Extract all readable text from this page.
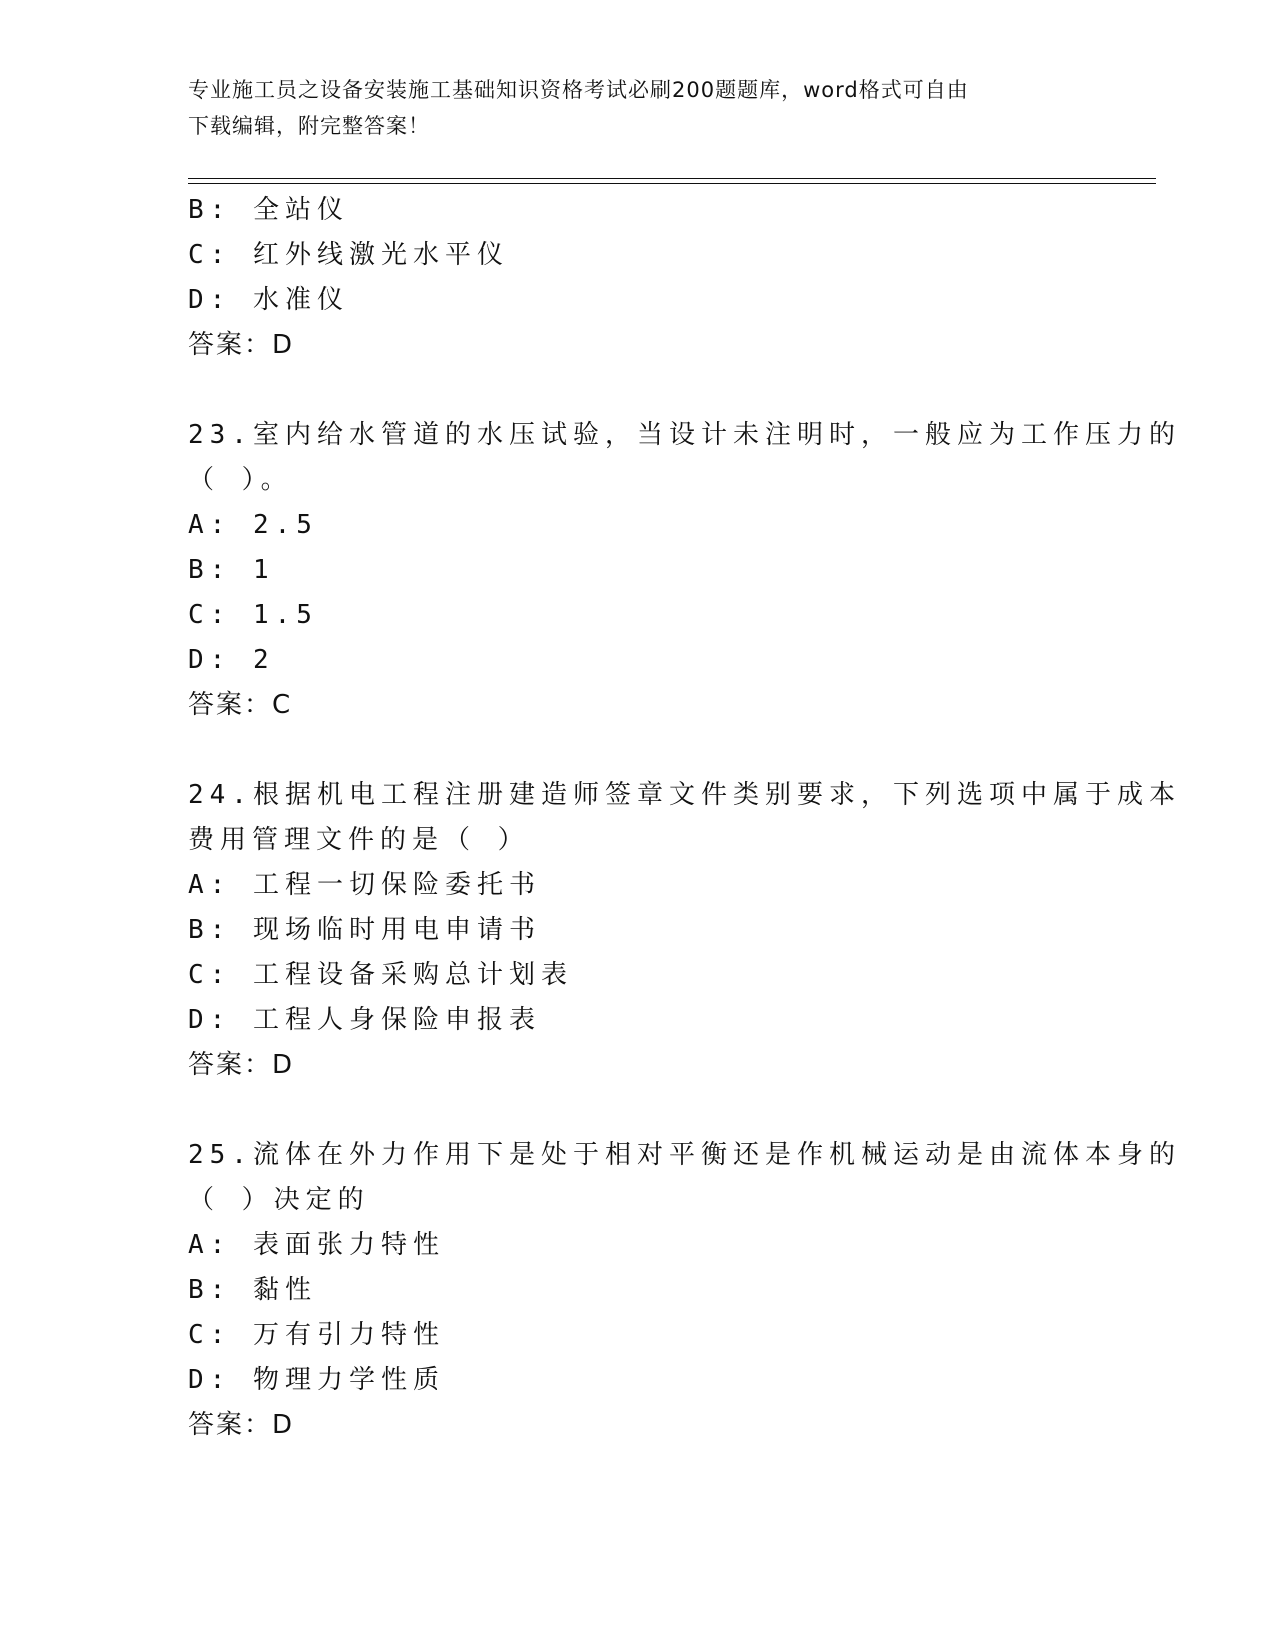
专业施工员之设备安装施工基础知识资格考试必刷200题题库，word格式可自由
下载编辑，附完整答案！
B: 全站仪
C: 红外线激光水平仪
D: 水准仪
答案：D
23.室内给水管道的水压试验，当设计未注明时，一般应为工作压力的
（ ）。
A: 2.5
B: 1
C: 1.5
D: 2
答案：C
24.根据机电工程注册建造师签章文件类别要求，下列选项中属于成本
费用管理文件的是（ ）
A: 工程一切保险委托书
B: 现场临时用电申请书
C: 工程设备采购总计划表
D: 工程人身保险申报表
答案：D
25.流体在外力作用下是处于相对平衡还是作机械运动是由流体本身的
（ ）决定的
A: 表面张力特性
B: 黏性
C: 万有引力特性
D: 物理力学性质
答案：D
